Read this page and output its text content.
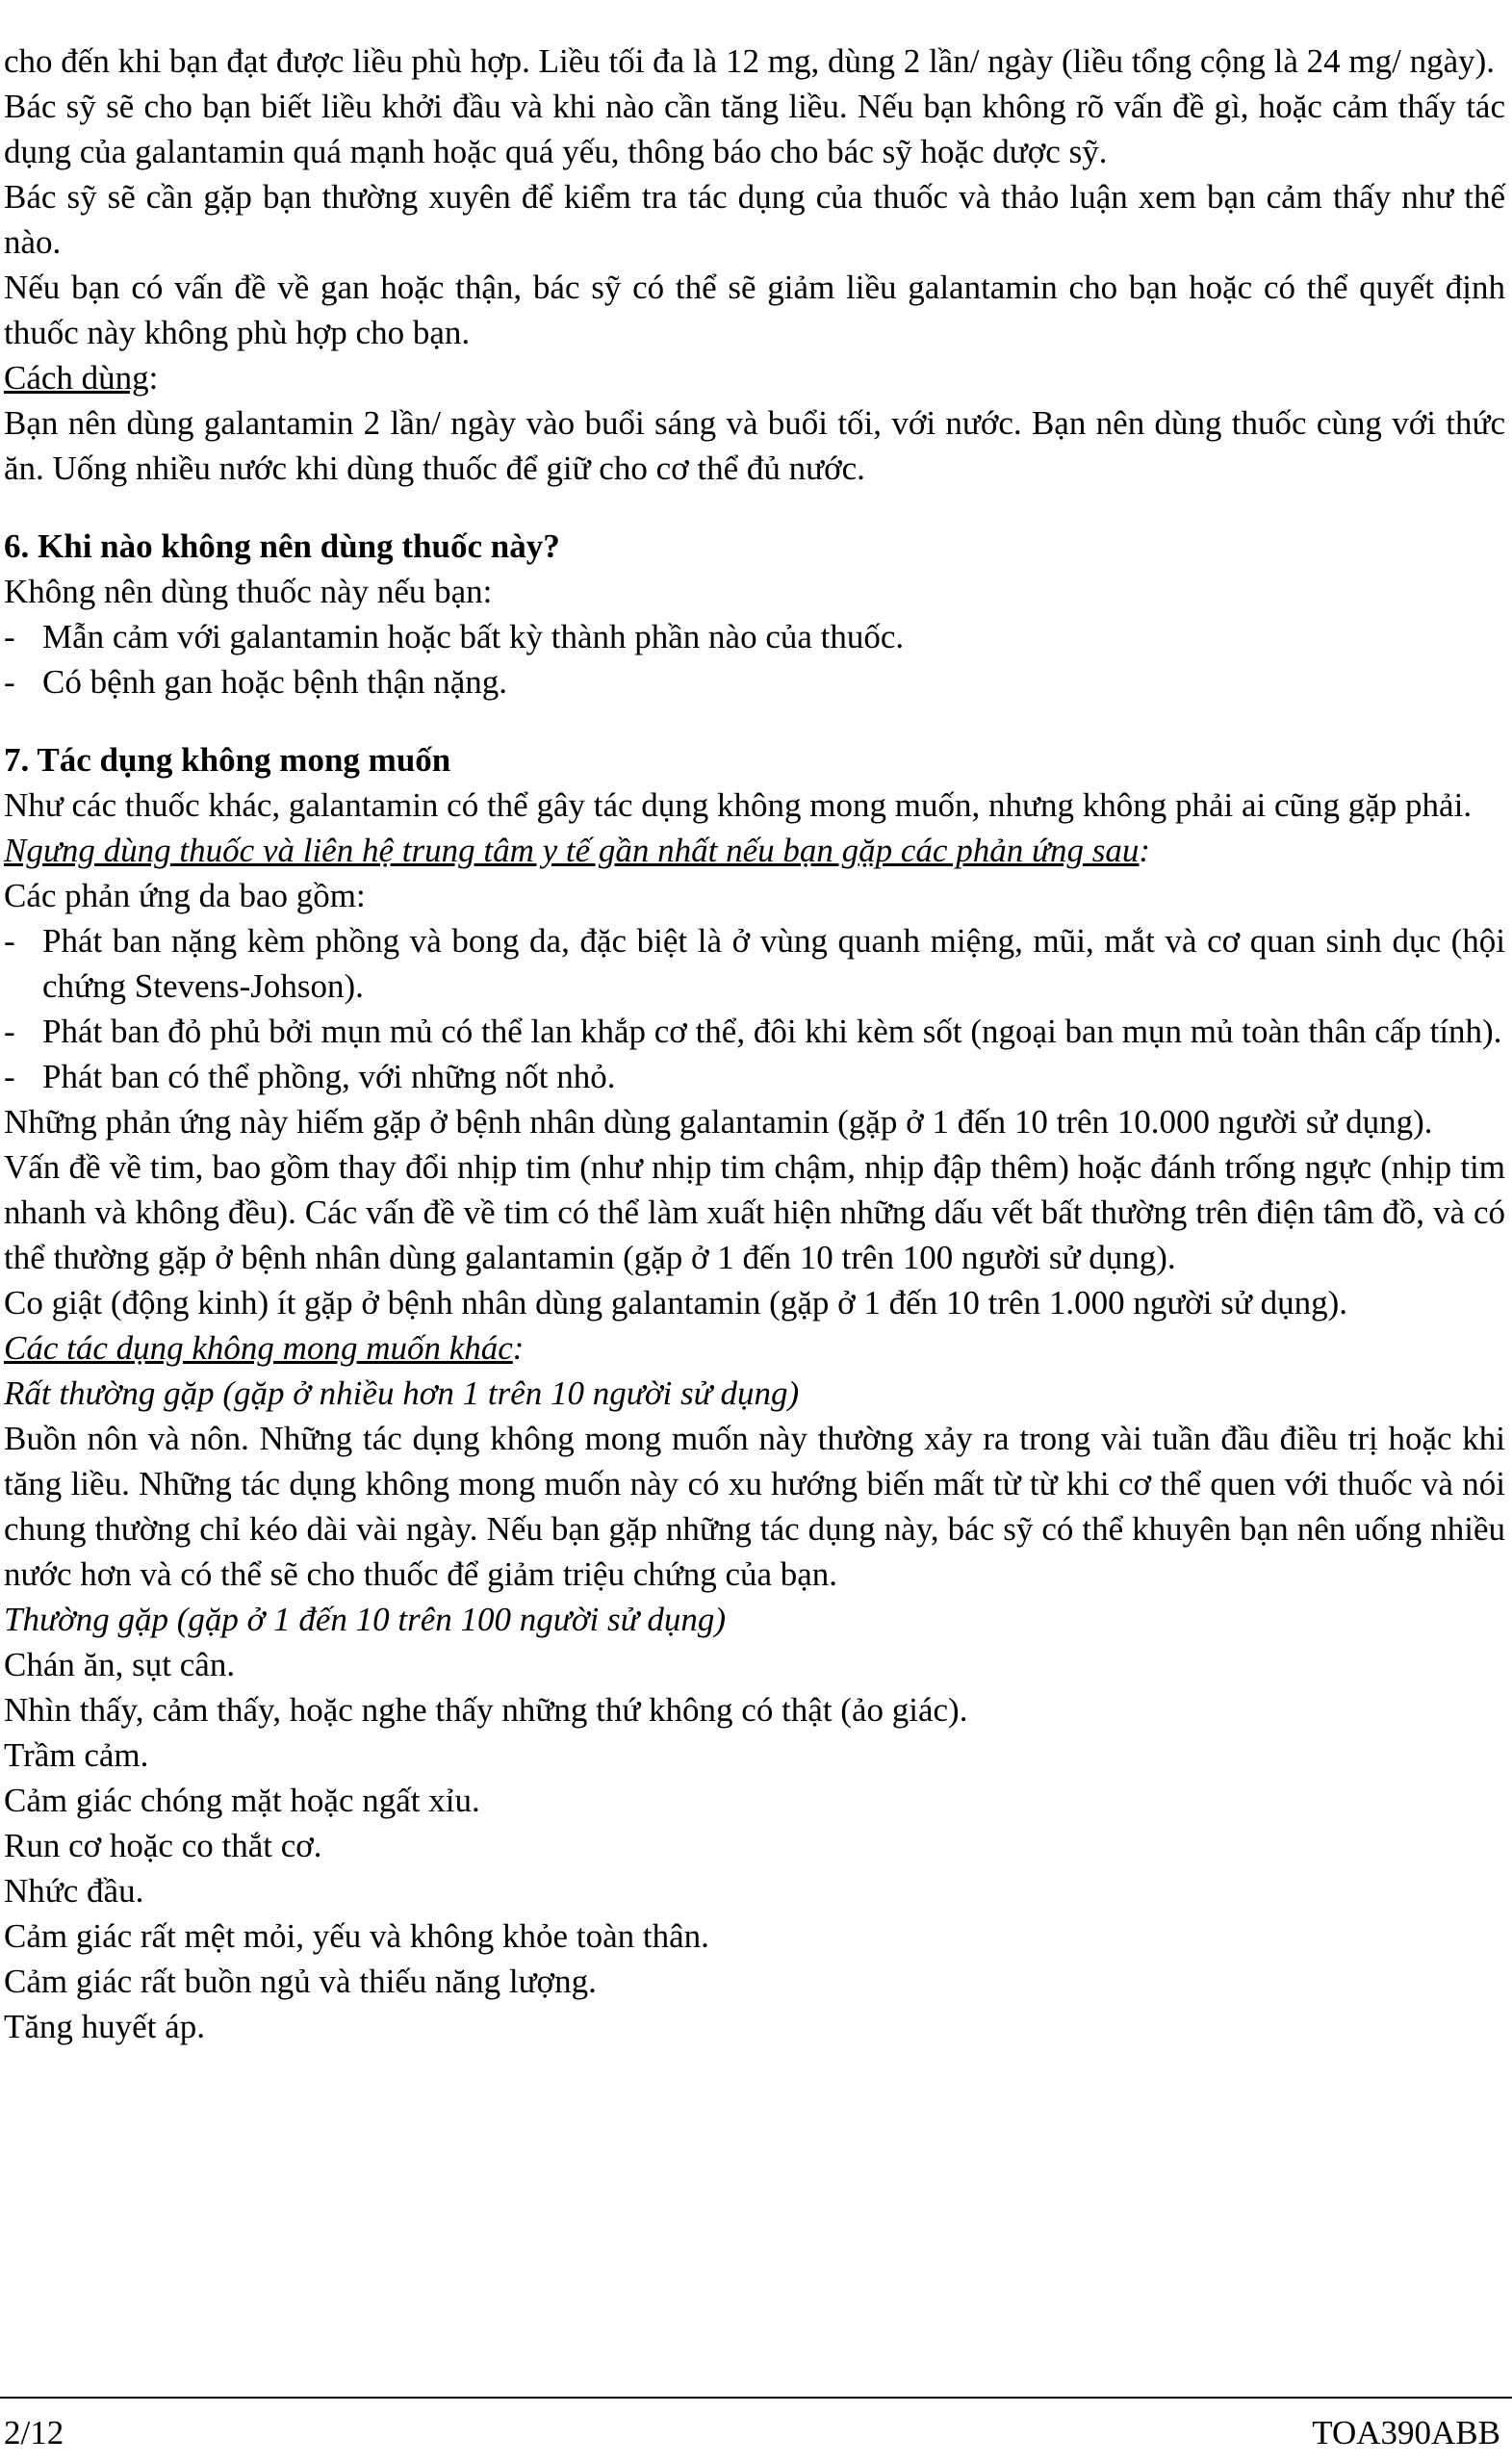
cho đến khi bạn đạt được liều phù hợp. Liều tối đa là 12 mg, dùng 2 lần/ ngày (liều tổng cộng là 24 mg/ ngày).

Bác sỹ sẽ cho bạn biết liều khởi đầu và khi nào cần tăng liều. Nếu bạn không rõ vấn đề gì, hoặc cảm thấy tác dụng của galantamin quá mạnh hoặc quá yếu, thông báo cho bác sỹ hoặc dược sỹ.

Bác sỹ sẽ cần gặp bạn thường xuyên để kiểm tra tác dụng của thuốc và thảo luận xem bạn cảm thấy như thế nào.

Nếu bạn có vấn đề về gan hoặc thận, bác sỹ có thể sẽ giảm liều galantamin cho bạn hoặc có thể quyết định thuốc này không phù hợp cho bạn.

Cách dùng:

Bạn nên dùng galantamin 2 lần/ ngày vào buổi sáng và buổi tối, với nước. Bạn nên dùng thuốc cùng với thức ăn. Uống nhiều nước khi dùng thuốc để giữ cho cơ thể đủ nước.

6. Khi nào không nên dùng thuốc này?

Không nên dùng thuốc này nếu bạn:

- Mẫn cảm với galantamin hoặc bất kỳ thành phần nào của thuốc.

- Có bệnh gan hoặc bệnh thận nặng.

7. Tác dụng không mong muốn

Như các thuốc khác, galantamin có thể gây tác dụng không mong muốn, nhưng không phải ai cũng gặp phải.

Ngưng dùng thuốc và liên hệ trung tâm y tế gần nhất nếu bạn gặp các phản ứng sau:

Các phản ứng da bao gồm:

- Phát ban nặng kèm phồng và bong da, đặc biệt là ở vùng quanh miệng, mũi, mắt và cơ quan sinh dục (hội chứng Stevens-Johson).

- Phát ban đỏ phủ bởi mụn mủ có thể lan khắp cơ thể, đôi khi kèm sốt (ngoại ban mụn mủ toàn thân cấp tính).

- Phát ban có thể phồng, với những nốt nhỏ.

Những phản ứng này hiếm gặp ở bệnh nhân dùng galantamin (gặp ở 1 đến 10 trên 10.000 người sử dụng).

Vấn đề về tim, bao gồm thay đổi nhịp tim (như nhịp tim chậm, nhịp đập thêm) hoặc đánh trống ngực (nhịp tim nhanh và không đều). Các vấn đề về tim có thể làm xuất hiện những dấu vết bất thường trên điện tâm đồ, và có thể thường gặp ở bệnh nhân dùng galantamin (gặp ở 1 đến 10 trên 100 người sử dụng).

Co giật (động kinh) ít gặp ở bệnh nhân dùng galantamin (gặp ở 1 đến 10 trên 1.000 người sử dụng).

Các tác dụng không mong muốn khác:

Rất thường gặp (gặp ở nhiều hơn 1 trên 10 người sử dụng)

Buồn nôn và nôn. Những tác dụng không mong muốn này thường xảy ra trong vài tuần đầu điều trị hoặc khi tăng liều. Những tác dụng không mong muốn này có xu hướng biến mất từ từ khi cơ thể quen với thuốc và nói chung thường chỉ kéo dài vài ngày. Nếu bạn gặp những tác dụng này, bác sỹ có thể khuyên bạn nên uống nhiều nước hơn và có thể sẽ cho thuốc để giảm triệu chứng của bạn.

Thường gặp (gặp ở 1 đến 10 trên 100 người sử dụng)

Chán ăn, sụt cân.

Nhìn thấy, cảm thấy, hoặc nghe thấy những thứ không có thật (ảo giác).

Trầm cảm.

Cảm giác chóng mặt hoặc ngất xỉu.

Run cơ hoặc co thắt cơ.

Nhức đầu.

Cảm giác rất mệt mỏi, yếu và không khỏe toàn thân.

Cảm giác rất buồn ngủ và thiếu năng lượng.

Tăng huyết áp.

2/12	TOA390ABB
